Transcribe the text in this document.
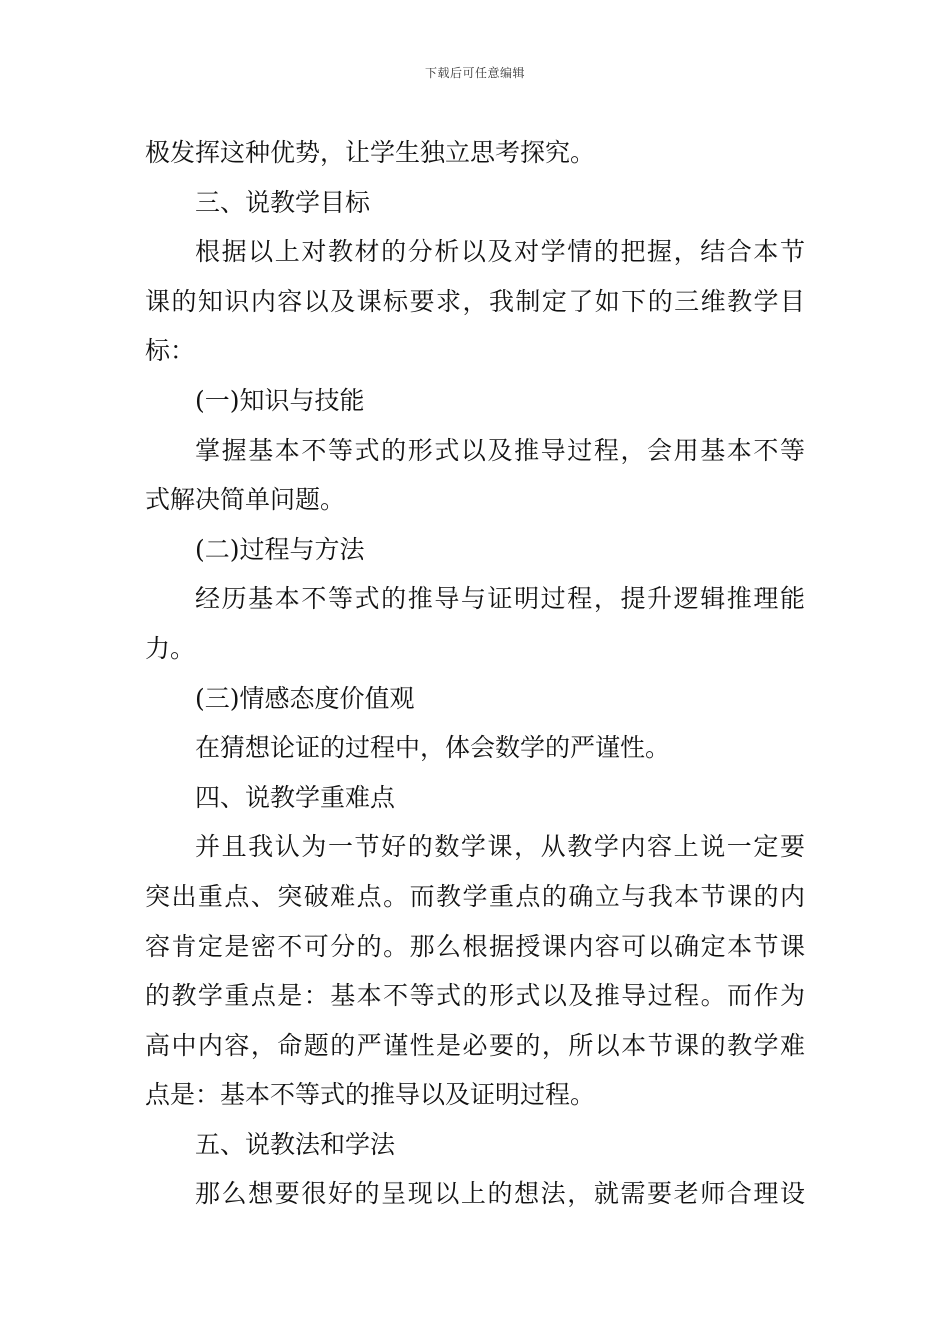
下载后可任意编辑
极发挥这种优势，让学生独立思考探究。
三、说教学目标
根据以上对教材的分析以及对学情的把握，结合本节
课的知识内容以及课标要求，我制定了如下的三维教学目
标：
(一)知识与技能
掌握基本不等式的形式以及推导过程，会用基本不等
式解决简单问题。
(二)过程与方法
经历基本不等式的推导与证明过程，提升逻辑推理能
力。
(三)情感态度价值观
在猜想论证的过程中，体会数学的严谨性。
四、说教学重难点
并且我认为一节好的数学课，从教学内容上说一定要
突出重点、突破难点。而教学重点的确立与我本节课的内
容肯定是密不可分的。那么根据授课内容可以确定本节课
的教学重点是：基本不等式的形式以及推导过程。而作为
高中内容，命题的严谨性是必要的，所以本节课的教学难
点是：基本不等式的推导以及证明过程。
五、说教法和学法
那么想要很好的呈现以上的想法，就需要老师合理设
